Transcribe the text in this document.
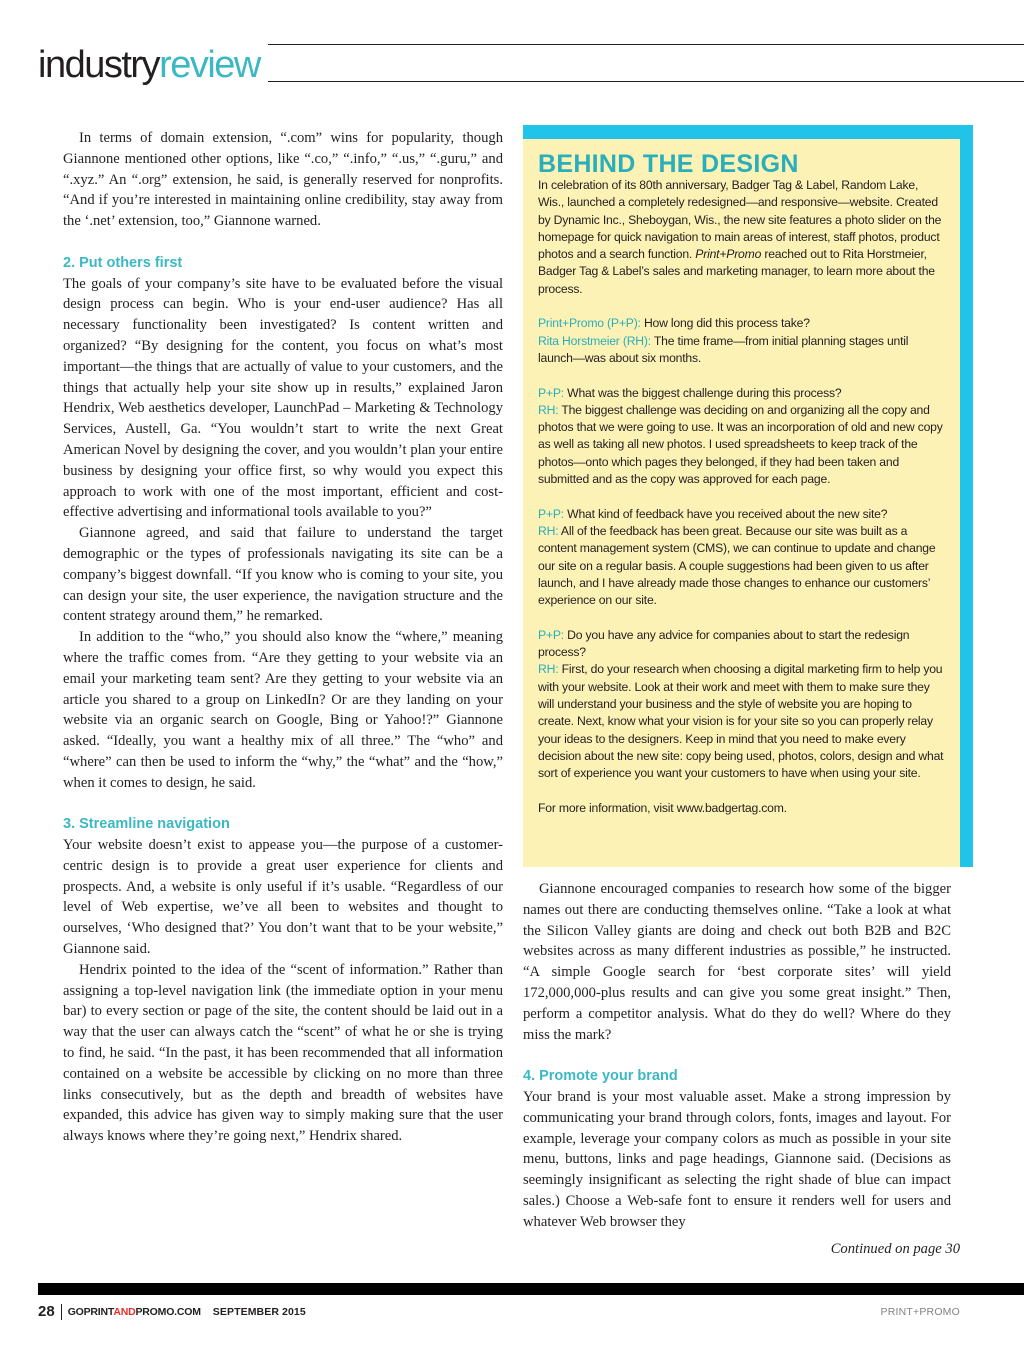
industryreview

In terms of domain extension, “.com” wins for popularity, though Giannone mentioned other options, like “.co,” “.info,” “.us,” “.guru,” and “.xyz.” An “.org” extension, he said, is generally reserved for nonprofits. “And if you’re interested in maintaining online credibility, stay away from the ‘.net’ extension, too,” Giannone warned.

2. Put others first

The goals of your company’s site have to be evaluated before the visual design process can begin. Who is your end-user audience? Has all necessary functionality been investigated? Is content written and organized? “By designing for the content, you focus on what’s most important—the things that are actually of value to your customers, and the things that actually help your site show up in results,” explained Jaron Hendrix, Web aesthetics developer, LaunchPad – Marketing & Technology Services, Austell, Ga. “You wouldn’t start to write the next Great American Novel by designing the cover, and you wouldn’t plan your entire business by designing your office first, so why would you expect this approach to work with one of the most important, efficient and cost-effective advertising and informational tools available to you?”

Giannone agreed, and said that failure to understand the target demographic or the types of professionals navigating its site can be a company’s biggest downfall. “If you know who is coming to your site, you can design your site, the user experience, the navigation structure and the content strategy around them,” he remarked.

In addition to the “who,” you should also know the “where,” meaning where the traffic comes from. “Are they getting to your website via an email your marketing team sent? Are they getting to your website via an article you shared to a group on LinkedIn? Or are they landing on your website via an organic search on Google, Bing or Yahoo!?” Giannone asked. “Ideally, you want a healthy mix of all three.” The “who” and “where” can then be used to inform the “why,” the “what” and the “how,” when it comes to design, he said.

3. Streamline navigation

Your website doesn’t exist to appease you—the purpose of a customer-centric design is to provide a great user experience for clients and prospects. And, a website is only useful if it’s usable. “Regardless of our level of Web expertise, we’ve all been to websites and thought to ourselves, ‘Who designed that?’ You don’t want that to be your website,” Giannone said.

Hendrix pointed to the idea of the “scent of information.” Rather than assigning a top-level navigation link (the immediate option in your menu bar) to every section or page of the site, the content should be laid out in a way that the user can always catch the “scent” of what he or she is trying to find, he said. “In the past, it has been recommended that all information contained on a website be accessible by clicking on no more than three links consecutively, but as the depth and breadth of websites have expanded, this advice has given way to simply making sure that the user always knows where they’re going next,” Hendrix shared.

BEHIND THE DESIGN

In celebration of its 80th anniversary, Badger Tag & Label, Random Lake, Wis., launched a completely redesigned—and responsive—website. Created by Dynamic Inc., Sheboygan, Wis., the new site features a photo slider on the homepage for quick navigation to main areas of interest, staff photos, product photos and a search function. Print+Promo reached out to Rita Horstmeier, Badger Tag & Label’s sales and marketing manager, to learn more about the process.

Print+Promo (P+P): How long did this process take?

Rita Horstmeier (RH): The time frame—from initial planning stages until launch—was about six months.

P+P: What was the biggest challenge during this process?

RH: The biggest challenge was deciding on and organizing all the copy and photos that we were going to use. It was an incorporation of old and new copy as well as taking all new photos. I used spreadsheets to keep track of the photos—onto which pages they belonged, if they had been taken and submitted and as the copy was approved for each page.

P+P: What kind of feedback have you received about the new site?

RH: All of the feedback has been great. Because our site was built as a content management system (CMS), we can continue to update and change our site on a regular basis. A couple suggestions had been given to us after launch, and I have already made those changes to enhance our customers’ experience on our site.

P+P: Do you have any advice for companies about to start the redesign process?

RH: First, do your research when choosing a digital marketing firm to help you with your website. Look at their work and meet with them to make sure they will understand your business and the style of website you are hoping to create. Next, know what your vision is for your site so you can properly relay your ideas to the designers. Keep in mind that you need to make every decision about the new site: copy being used, photos, colors, design and what sort of experience you want your customers to have when using your site.

For more information, visit www.badgertag.com.

Giannone encouraged companies to research how some of the bigger names out there are conducting themselves online. “Take a look at what the Silicon Valley giants are doing and check out both B2B and B2C websites across as many different industries as possible,” he instructed. “A simple Google search for ‘best corporate sites’ will yield 172,000,000-plus results and can give you some great insight.” Then, perform a competitor analysis. What do they do well? Where do they miss the mark?

4. Promote your brand

Your brand is your most valuable asset. Make a strong impression by communicating your brand through colors, fonts, images and layout. For example, leverage your company colors as much as possible in your site menu, buttons, links and page headings, Giannone said. (Decisions as seemingly insignificant as selecting the right shade of blue can impact sales.) Choose a Web-safe font to ensure it renders well for users and whatever Web browser they

Continued on page 30
28 GOPRINTANDPROMO.COM SEPTEMBER 2015	PRINT+PROMO
